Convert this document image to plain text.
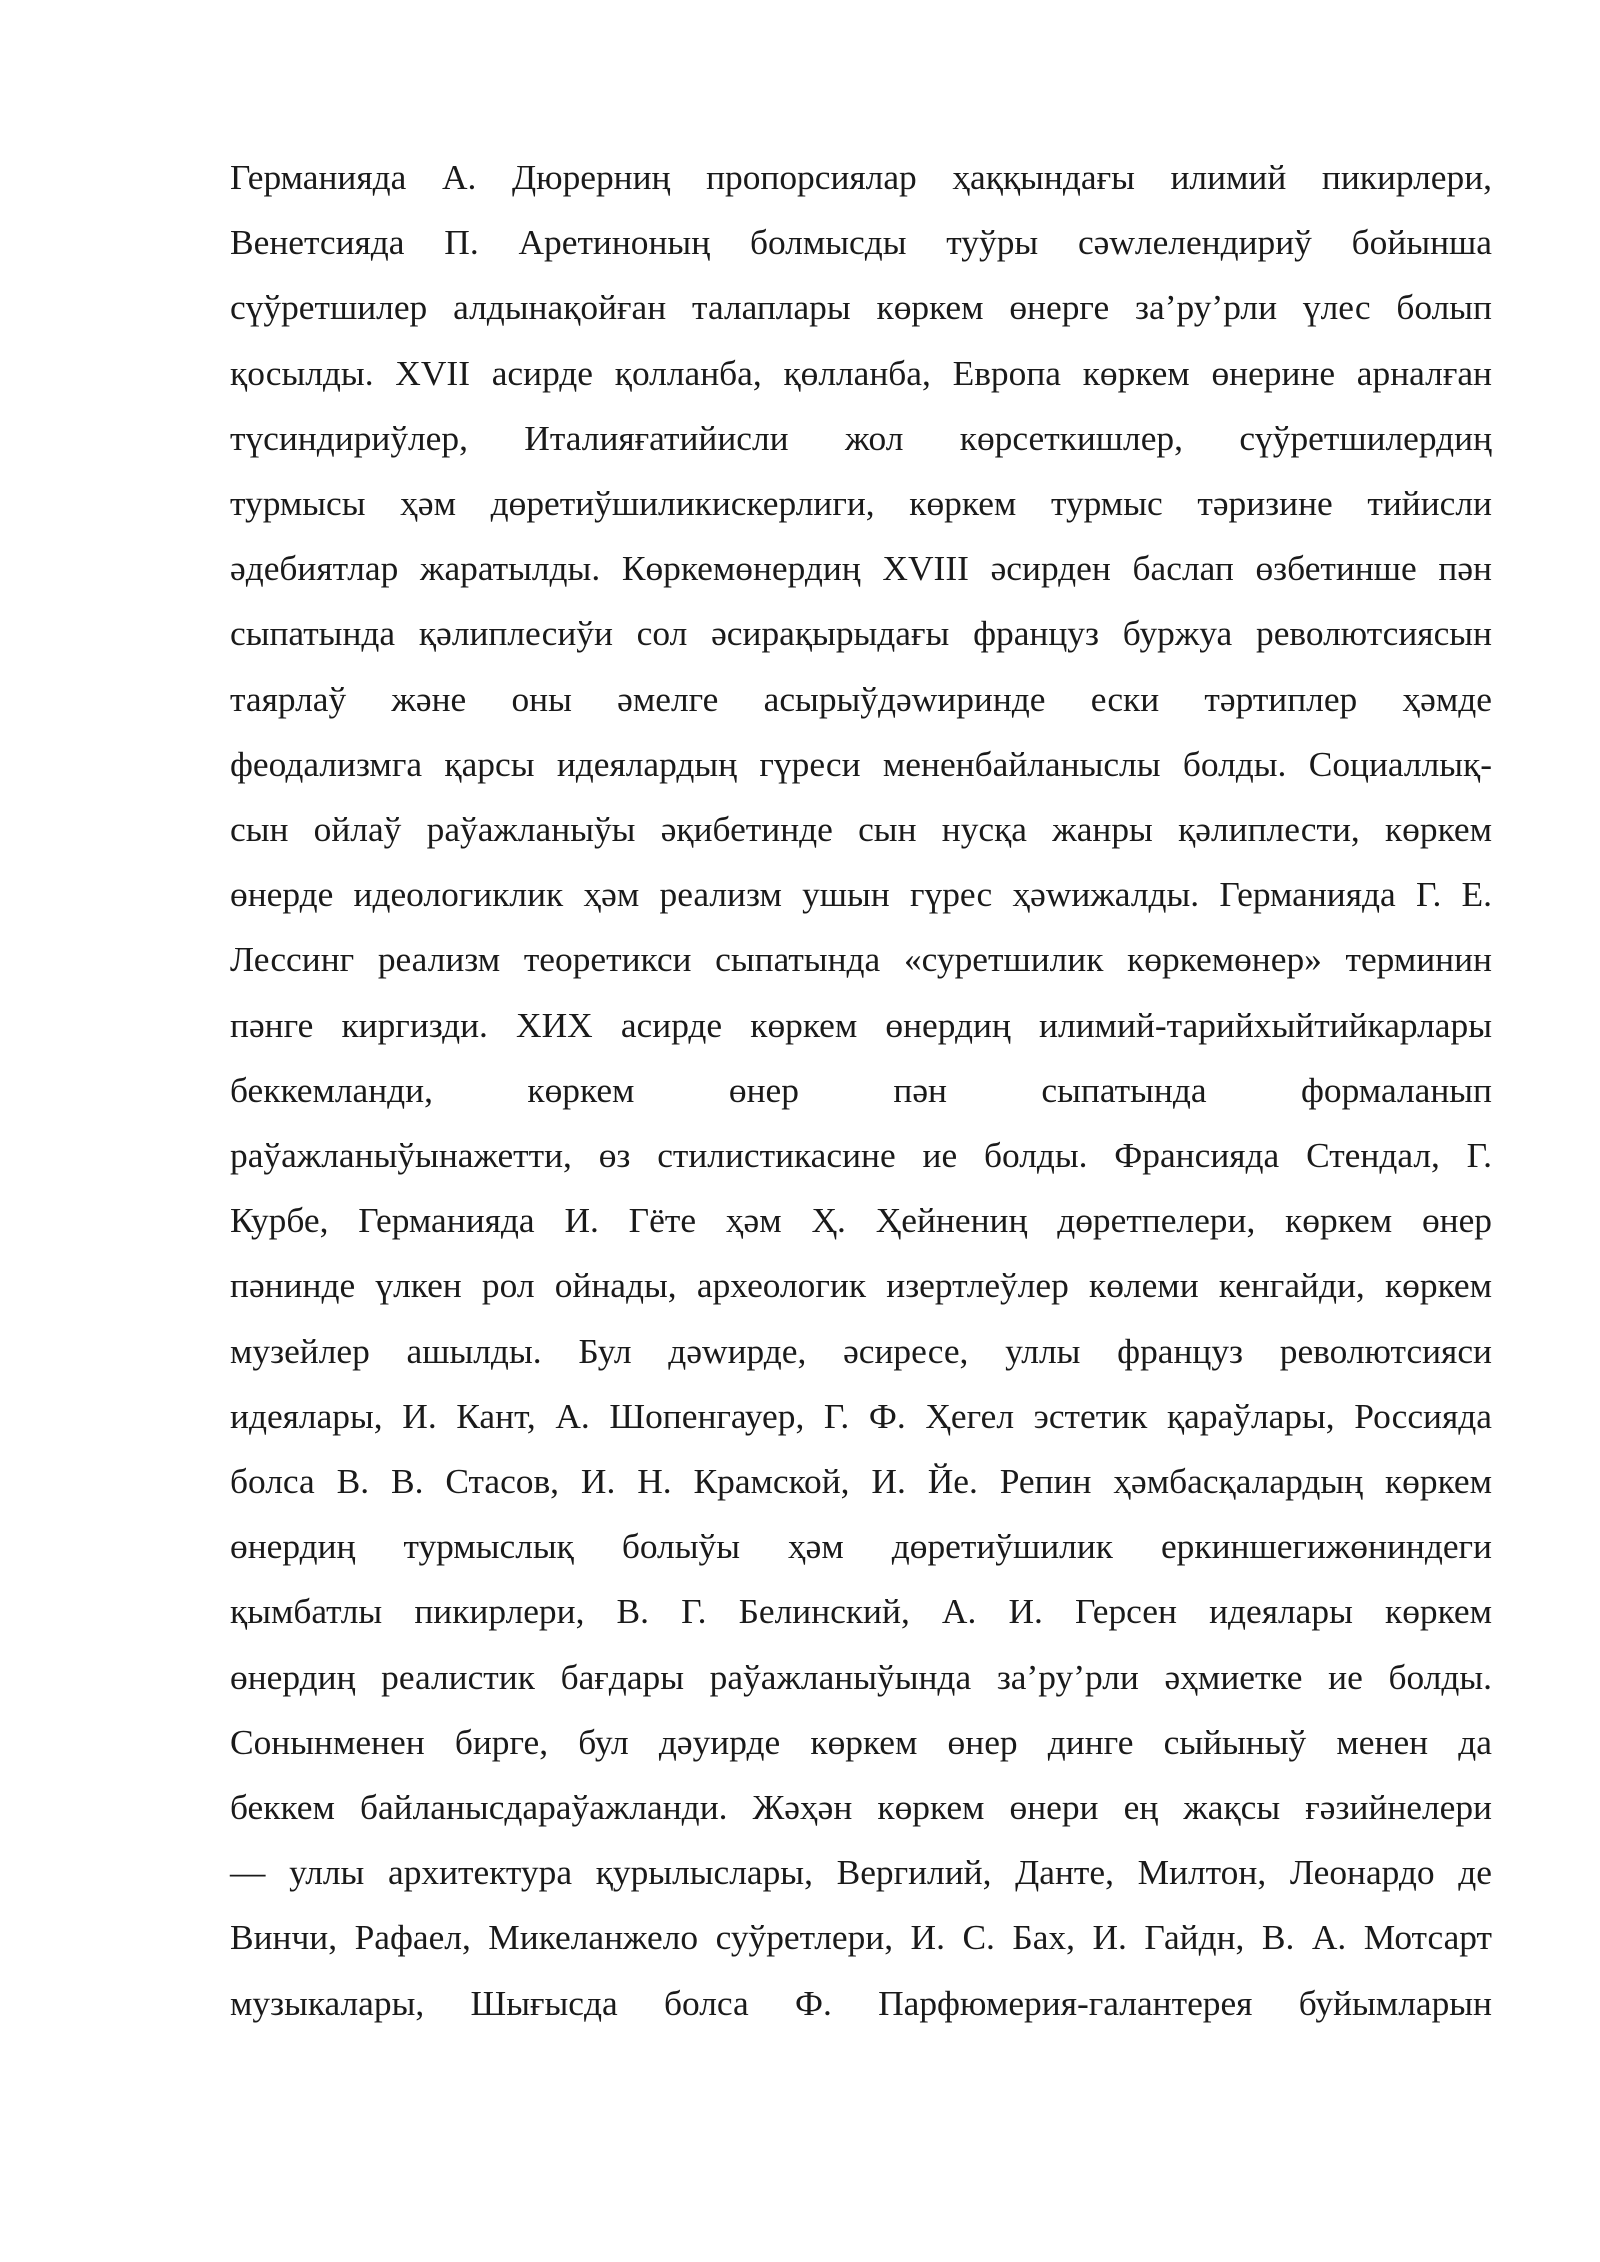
Германияда А. Дюрерниң пропорсиялар ҳаққындағы илимий пикирлери,
Венетсияда П. Аретиноның болмысды туўры сәwлелендириў бойынша
сүўретшилер алдынақойған талаплары көркем өнерге за’ру’рли үлес болып
қосылды. XVII асирде қолланба, қөлланба, Европа көркем өнерине арналған
түсиндириўлер, Италияғатийисли жол көрсеткишлер, сүўретшилердиң
турмысы ҳәм дөретиўшиликискерлиги, көркем турмыс тәризине тийисли
әдебиятлар жаратылды. Көркемөнердиң XVIII әсирден баслап өзбетинше пән
сыпатында қәлиплесиўи сол әсирақырыдағы француз буржуа револютсиясын
таярлаў жәнe оны әмелге асырыўдәwиринде ески тәртиплер ҳәмде
феодализмга қарсы идеялардың гүреси мененбайланыслы болды. Социаллық-
сын ойлаў раўажланыўы әқибетинде сын нусқа жанры қәлиплести, көркем
өнерде идеологиклик ҳәм реализм ушын гүрес ҳәwижалды. Германияда Г. Е.
Лессинг реализм теоретикси сыпатында «суретшилик көркемөнер» терминин
пәнге киргизди. ХИХ асирде көркем өнердиң илимий-тарийхыйтийкарлары
беккемланди, көркем өнер пән сыпатында формаланып
раўажланыўынажетти, өз стилистикасине ие болды. Франсияда Стендал, Г.
Курбе, Германияда И. Гёте ҳәм Ҳ. Ҳейнениң дөретпелери, көркем өнер
пәнинде үлкен рол ойнады, археологик изертлеўлер көлеми кенгайди, көркем
музейлер ашылды. Бул дәwирде, әсиресе, уллы француз револютсияси
идеялары, И. Кант, А. Шопенгауер, Г. Ф. Ҳегел эстетик қараўлары, Россияда
болса В. В. Стасов, И. Н. Крамской, И. Йе. Репин ҳәмбасқалардың көркем
өнердиң турмыслық болыўы ҳәм дөретиўшилик еркиншегижөниндеги
қымбатлы пикирлери, В. Г. Белинский, А. И. Герсен идеялары көркем
өнердиң реалистик бағдары раўажланыўында за’ру’рли әҳмиетке ие болды.
Сонынменен бирге, бул дәуирде көркем өнер динге сыйыныў менен да
беккем байланысдараўажланди. Жәҳән көркем өнери ең жақсы ғәзийнелери
— уллы архитектура қурылыслары, Вергилий, Данте, Милтон, Леонардо де
Винчи, Рафаел, Микеланжело суўретлери, И. С. Бах, И. Гайдн, В. А. Мотсарт
музыкалары, Шығысда болса Ф. Парфюмерия-галантерея буйымларын
